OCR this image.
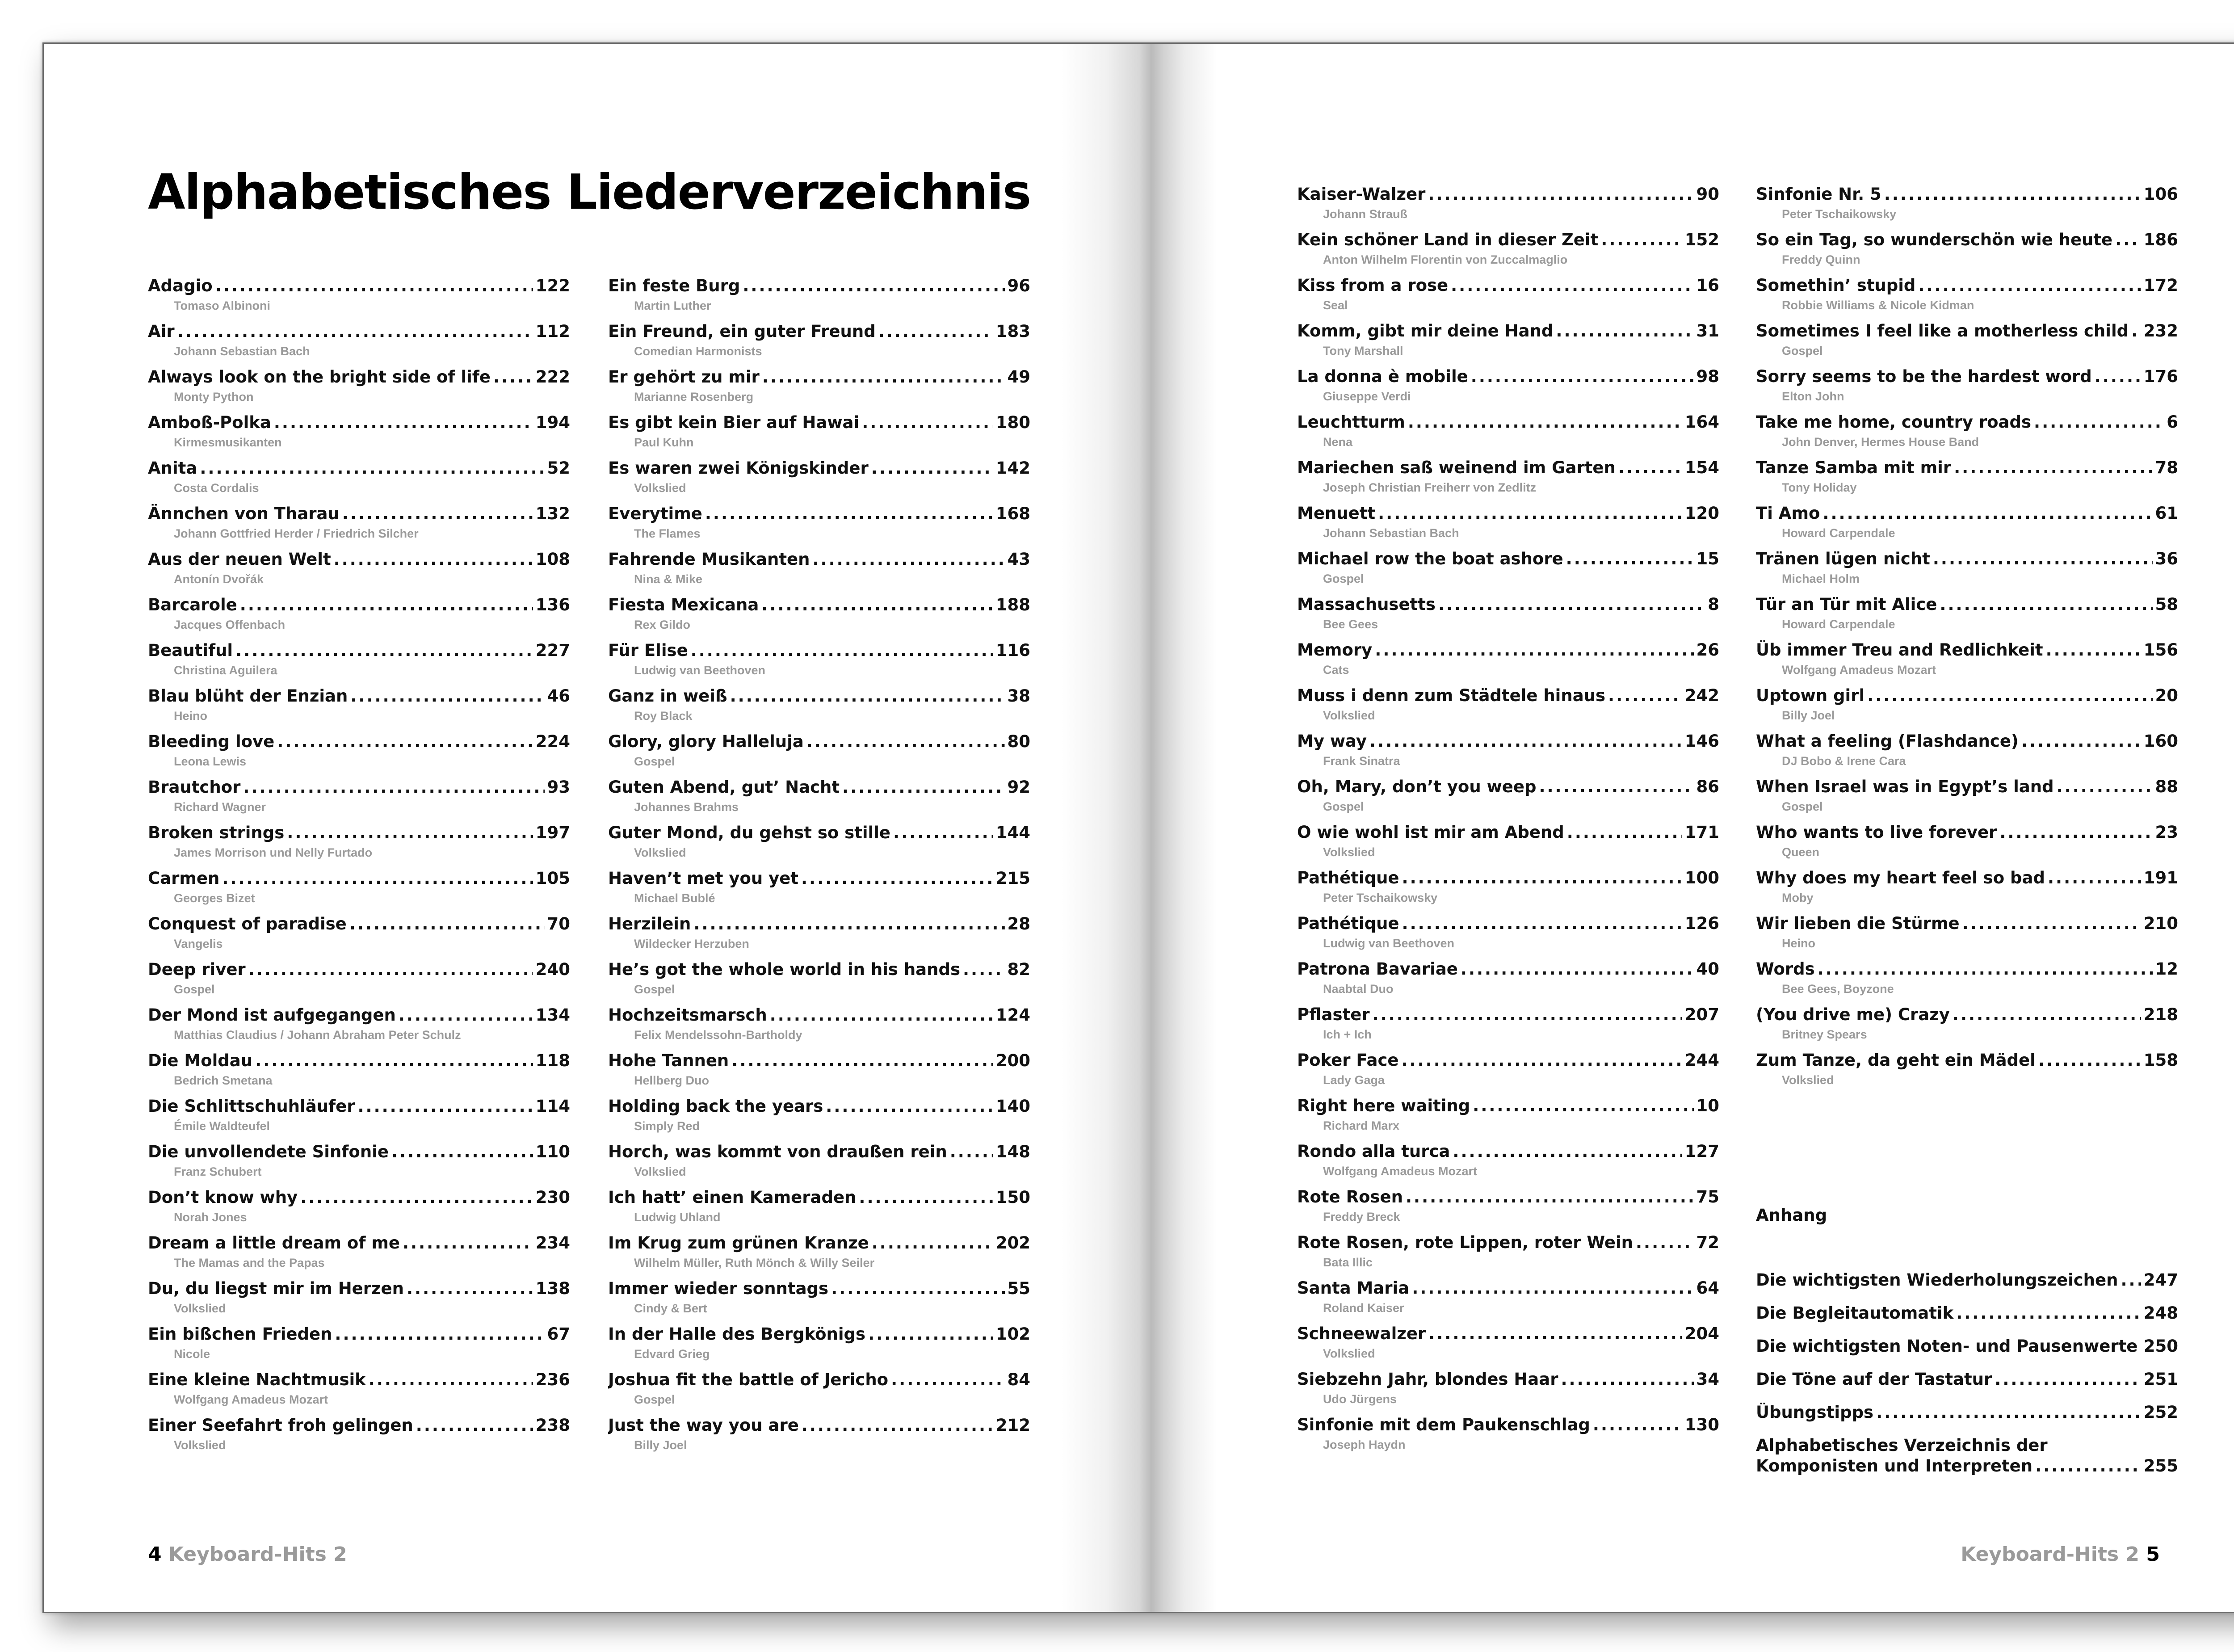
Alphabetisches Liederverzeichnis
Adagio .....	122
Tomaso Albinoni
Air .....	112
Johann Sebastian Bach
Always look on the bright side of life .....	222
Monty Python
Amboß-Polka .....	194
Kirmesmusikanten
Anita .....	52
Costa Cordalis
Ännchen von Tharau .....	132
Johann Gottfried Herder / Friedrich Silcher
Aus der neuen Welt .....	108
Antonín Dvořák
Barcarole .....	136
Jacques Offenbach
Beautiful .....	227
Christina Aguilera
Blau blüht der Enzian .....	46
Heino
Bleeding love .....	224
Leona Lewis
Brautchor .....	93
Richard Wagner
Broken strings .....	197
James Morrison und Nelly Furtado
Carmen .....	105
Georges Bizet
Conquest of paradise .....	70
Vangelis
Deep river .....	240
Gospel
Der Mond ist aufgegangen .....	134
Matthias Claudius / Johann Abraham Peter Schulz
Die Moldau .....	118
Bedrich Smetana
Die Schlittschuhläufer .....	114
Émile Waldteufel
Die unvollendete Sinfonie .....	110
Franz Schubert
Don’t know why .....	230
Norah Jones
Dream a little dream of me .....	234
The Mamas and the Papas
Du, du liegst mir im Herzen .....	138
Volkslied
Ein bißchen Frieden .....	67
Nicole
Eine kleine Nachtmusik .....	236
Wolfgang Amadeus Mozart
Einer Seefahrt froh gelingen .....	238
Volkslied
Ein feste Burg .....	96
Martin Luther
Ein Freund, ein guter Freund .....	183
Comedian Harmonists
Er gehört zu mir .....	49
Marianne Rosenberg
Es gibt kein Bier auf Hawai .....	180
Paul Kuhn
Es waren zwei Königskinder .....	142
Volkslied
Everytime .....	168
The Flames
Fahrende Musikanten .....	43
Nina & Mike
Fiesta Mexicana .....	188
Rex Gildo
Für Elise .....	116
Ludwig van Beethoven
Ganz in weiß .....	38
Roy Black
Glory, glory Halleluja .....	80
Gospel
Guten Abend, gut’ Nacht .....	92
Johannes Brahms
Guter Mond, du gehst so stille .....	144
Volkslied
Haven’t met you yet .....	215
Michael Bublé
Herzilein .....	28
Wildecker Herzuben
He’s got the whole world in his hands .....	82
Gospel
Hochzeitsmarsch .....	124
Felix Mendelssohn-Bartholdy
Hohe Tannen .....	200
Hellberg Duo
Holding back the years .....	140
Simply Red
Horch, was kommt von draußen rein .....	148
Volkslied
Ich hatt’ einen Kameraden .....	150
Ludwig Uhland
Im Krug zum grünen Kranze .....	202
Wilhelm Müller, Ruth Mönch & Willy Seiler
Immer wieder sonntags .....	55
Cindy & Bert
In der Halle des Bergkönigs .....	102
Edvard Grieg
Joshua fit the battle of Jericho .....	84
Gospel
Just the way you are .....	212
Billy Joel
4 Keyboard-Hits 2
Kaiser-Walzer .....	90
Johann Strauß
Kein schöner Land in dieser Zeit .....	152
Anton Wilhelm Florentin von Zuccalmaglio
Kiss from a rose .....	16
Seal
Komm, gibt mir deine Hand .....	31
Tony Marshall
La donna è mobile .....	98
Giuseppe Verdi
Leuchtturm .....	164
Nena
Mariechen saß weinend im Garten .....	154
Joseph Christian Freiherr von Zedlitz
Menuett .....	120
Johann Sebastian Bach
Michael row the boat ashore .....	15
Gospel
Massachusetts .....	8
Bee Gees
Memory .....	26
Cats
Muss i denn zum Städtele hinaus .....	242
Volkslied
My way .....	146
Frank Sinatra
Oh, Mary, don’t you weep .....	86
Gospel
O wie wohl ist mir am Abend .....	171
Volkslied
Pathétique .....	100
Peter Tschaikowsky
Pathétique .....	126
Ludwig van Beethoven
Patrona Bavariae .....	40
Naabtal Duo
Pflaster .....	207
Ich + Ich
Poker Face .....	244
Lady Gaga
Right here waiting .....	10
Richard Marx
Rondo alla turca .....	127
Wolfgang Amadeus Mozart
Rote Rosen .....	75
Freddy Breck
Rote Rosen, rote Lippen, roter Wein .....	72
Bata Illic
Santa Maria .....	64
Roland Kaiser
Schneewalzer .....	204
Volkslied
Siebzehn Jahr, blondes Haar .....	34
Udo Jürgens
Sinfonie mit dem Paukenschlag .....	130
Joseph Haydn
Sinfonie Nr. 5 .....	106
Peter Tschaikowsky
So ein Tag, so wunderschön wie heute ..... 186
Freddy Quinn
Somethin’ stupid .....	172
Robbie Williams & Nicole Kidman
Sometimes I feel like a motherless child ..... 232
Gospel
Sorry seems to be the hardest word .....	176
Elton John
Take me home, country roads .....	6
John Denver, Hermes House Band
Tanze Samba mit mir .....	78
Tony Holiday
Ti Amo .....	61
Howard Carpendale
Tränen lügen nicht .....	36
Michael Holm
Tür an Tür mit Alice .....	58
Howard Carpendale
Üb immer Treu and Redlichkeit .....	156
Wolfgang Amadeus Mozart
Uptown girl .....	20
Billy Joel
What a feeling (Flashdance) .....	160
DJ Bobo & Irene Cara
When Israel was in Egypt’s land .....	88
Gospel
Who wants to live forever .....	23
Queen
Why does my heart feel so bad .....	191
Moby
Wir lieben die Stürme .....	210
Heino
Words .....	12
Bee Gees, Boyzone
(You drive me) Crazy .....	218
Britney Spears
Zum Tanze, da geht ein Mädel .....	158
Volkslied
Anhang
Die wichtigsten Wiederholungszeichen ..... 247
Die Begleitautomatik .....	248
Die wichtigsten Noten- und Pausenwerte ..... 250
Die Töne auf der Tastatur .....	251
Übungstipps .....	252
Alphabetisches Verzeichnis der
Komponisten und Interpreten .....	255
Keyboard-Hits 2 5
